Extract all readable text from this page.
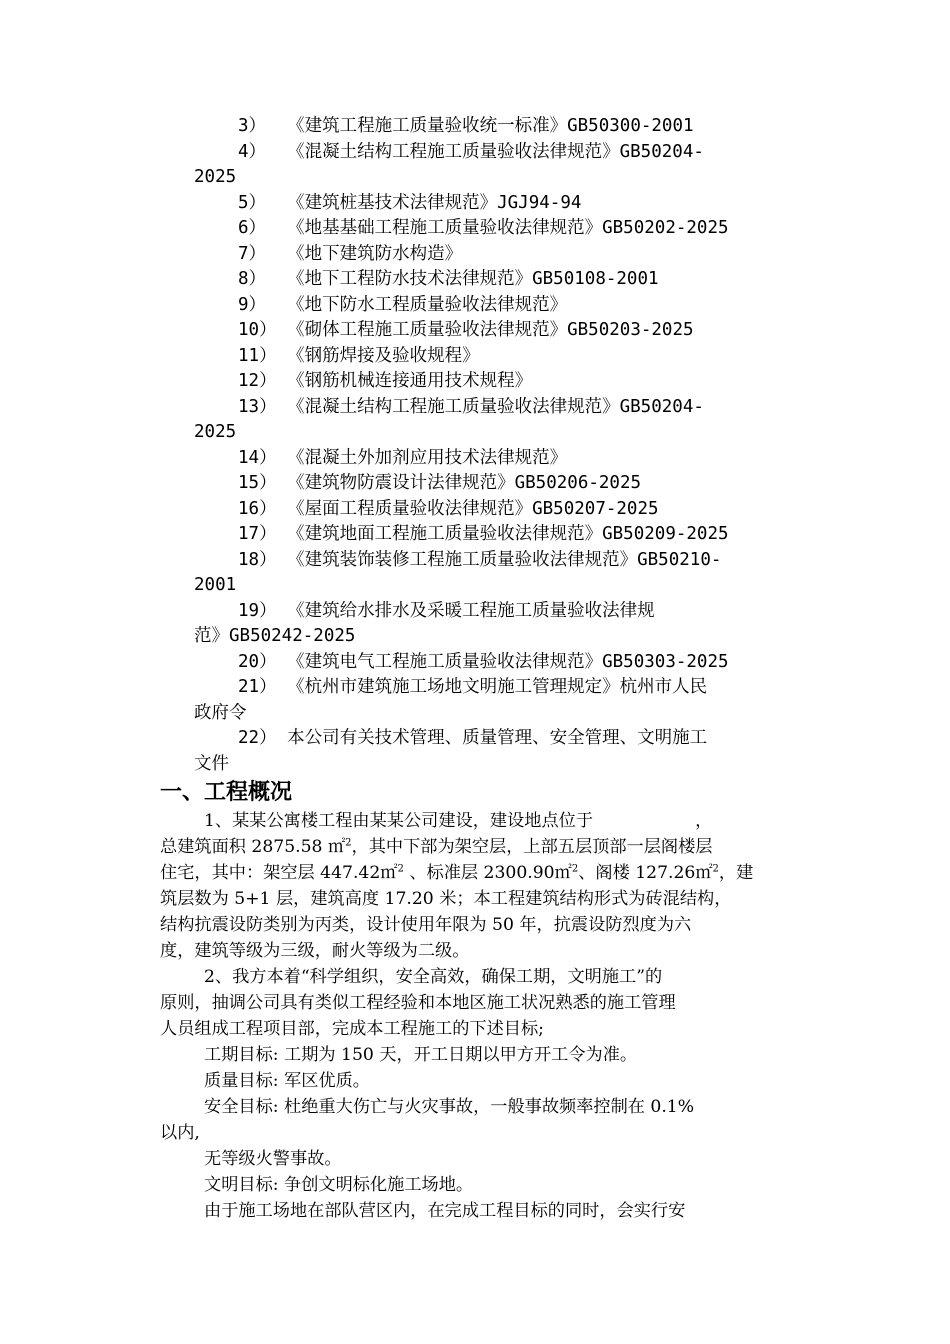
3）  《建筑工程施工质量验收统一标准》GB50300-2001
4）  《混凝土结构工程施工质量验收法律规范》GB50204-
2025
5）  《建筑桩基技术法律规范》JGJ94-94
6）  《地基基础工程施工质量验收法律规范》GB50202-2025
7）  《地下建筑防水构造》
8）  《地下工程防水技术法律规范》GB50108-2001
9）  《地下防水工程质量验收法律规范》
10） 《砌体工程施工质量验收法律规范》GB50203-2025
11） 《钢筋焊接及验收规程》
12） 《钢筋机械连接通用技术规程》
13） 《混凝土结构工程施工质量验收法律规范》GB50204-
2025
14） 《混凝土外加剂应用技术法律规范》
15） 《建筑物防震设计法律规范》GB50206-2025
16） 《屋面工程质量验收法律规范》GB50207-2025
17） 《建筑地面工程施工质量验收法律规范》GB50209-2025
18） 《建筑装饰装修工程施工质量验收法律规范》GB50210-
2001
19） 《建筑给水排水及采暖工程施工质量验收法律规
范》GB50242-2025
20） 《建筑电气工程施工质量验收法律规范》GB50303-2025
21） 《杭州市建筑施工场地文明施工管理规定》杭州市人民
政府令
22） 本公司有关技术管理、质量管理、安全管理、文明施工
文件
一、工程概况

1、某某公寓楼工程由某某公司建设，建设地点位于	，
总建筑面积 2875.58 ㎡$^2$，其中下部为架空层，上部五层顶部一层阁楼层
住宅，其中：架空层 447.42㎡$^2$ 、标准层 2300.90㎡$^2$、阁楼 127.26㎡$^2$，建
筑层数为 5+1 层，建筑高度 17.20 米；本工程建筑结构形式为砖混结构，
结构抗震设防类别为丙类，设计使用年限为 50 年，抗震设防烈度为六
度，建筑等级为三级，耐火等级为二级。

2、我方本着“科学组织，安全高效，确保工期，文明施工”的
原则，抽调公司具有类似工程经验和本地区施工状况熟悉的施工管理
人员组成工程项目部，完成本工程施工的下述目标;

工期目标: 工期为 150 天，开工日期以甲方开工令为准。
质量目标: 军区优质。
安全目标: 杜绝重大伤亡与火灾事故，一般事故频率控制在 0.1%
以内,
无等级火警事故。
文明目标: 争创文明标化施工场地。
由于施工场地在部队营区内，在完成工程目标的同时，会实行安
